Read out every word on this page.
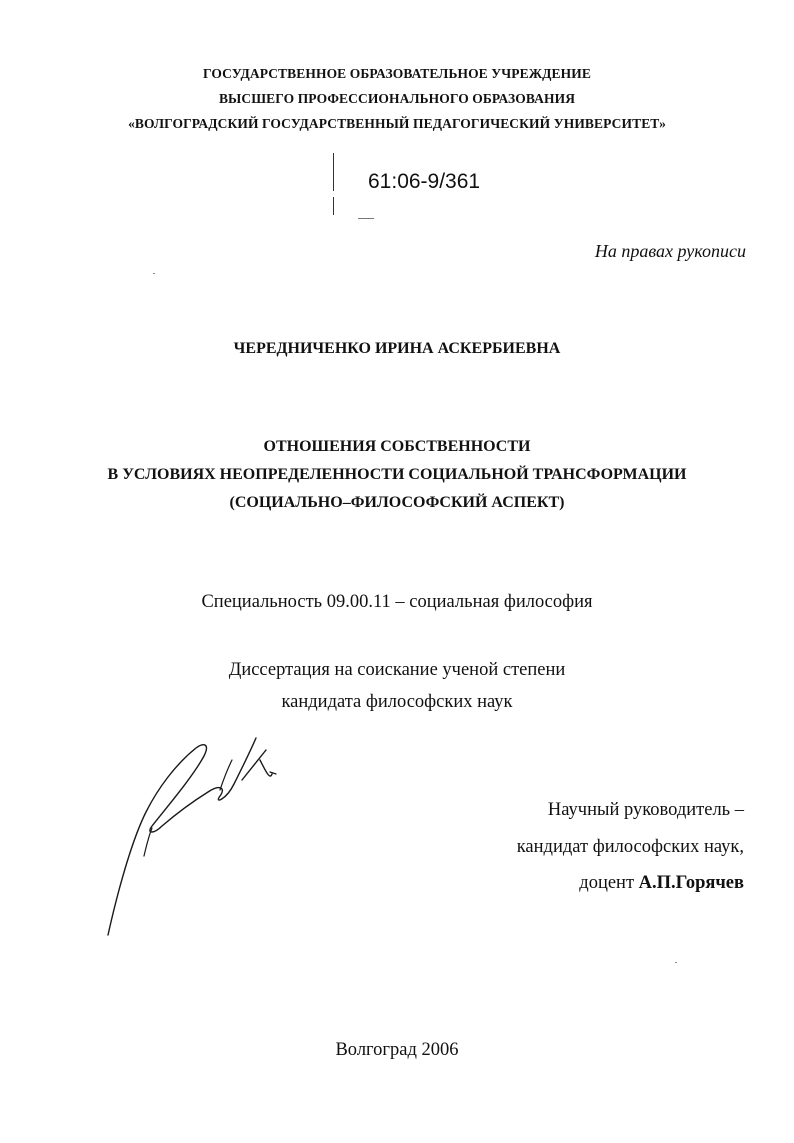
ГОСУДАРСТВЕННОЕ ОБРАЗОВАТЕЛЬНОЕ УЧРЕЖДЕНИЕ
ВЫСШЕГО ПРОФЕССИОНАЛЬНОГО ОБРАЗОВАНИЯ
«ВОЛГОГРАДСКИЙ ГОСУДАРСТВЕННЫЙ ПЕДАГОГИЧЕСКИЙ УНИВЕРСИТЕТ»
61:06-9/361
На правах рукописи
ЧЕРЕДНИЧЕНКО ИРИНА АСКЕРБИЕВНА
ОТНОШЕНИЯ СОБСТВЕННОСТИ
В УСЛОВИЯХ НЕОПРЕДЕЛЕННОСТИ СОЦИАЛЬНОЙ ТРАНСФОРМАЦИИ
(СОЦИАЛЬНО–ФИЛОСОФСКИЙ АСПЕКТ)
Специальность 09.00.11 – социальная философия
Диссертация на соискание ученой степени
кандидата философских наук
Научный руководитель –
кандидат философских наук,
доцент А.П.Горячев
Волгоград 2006
